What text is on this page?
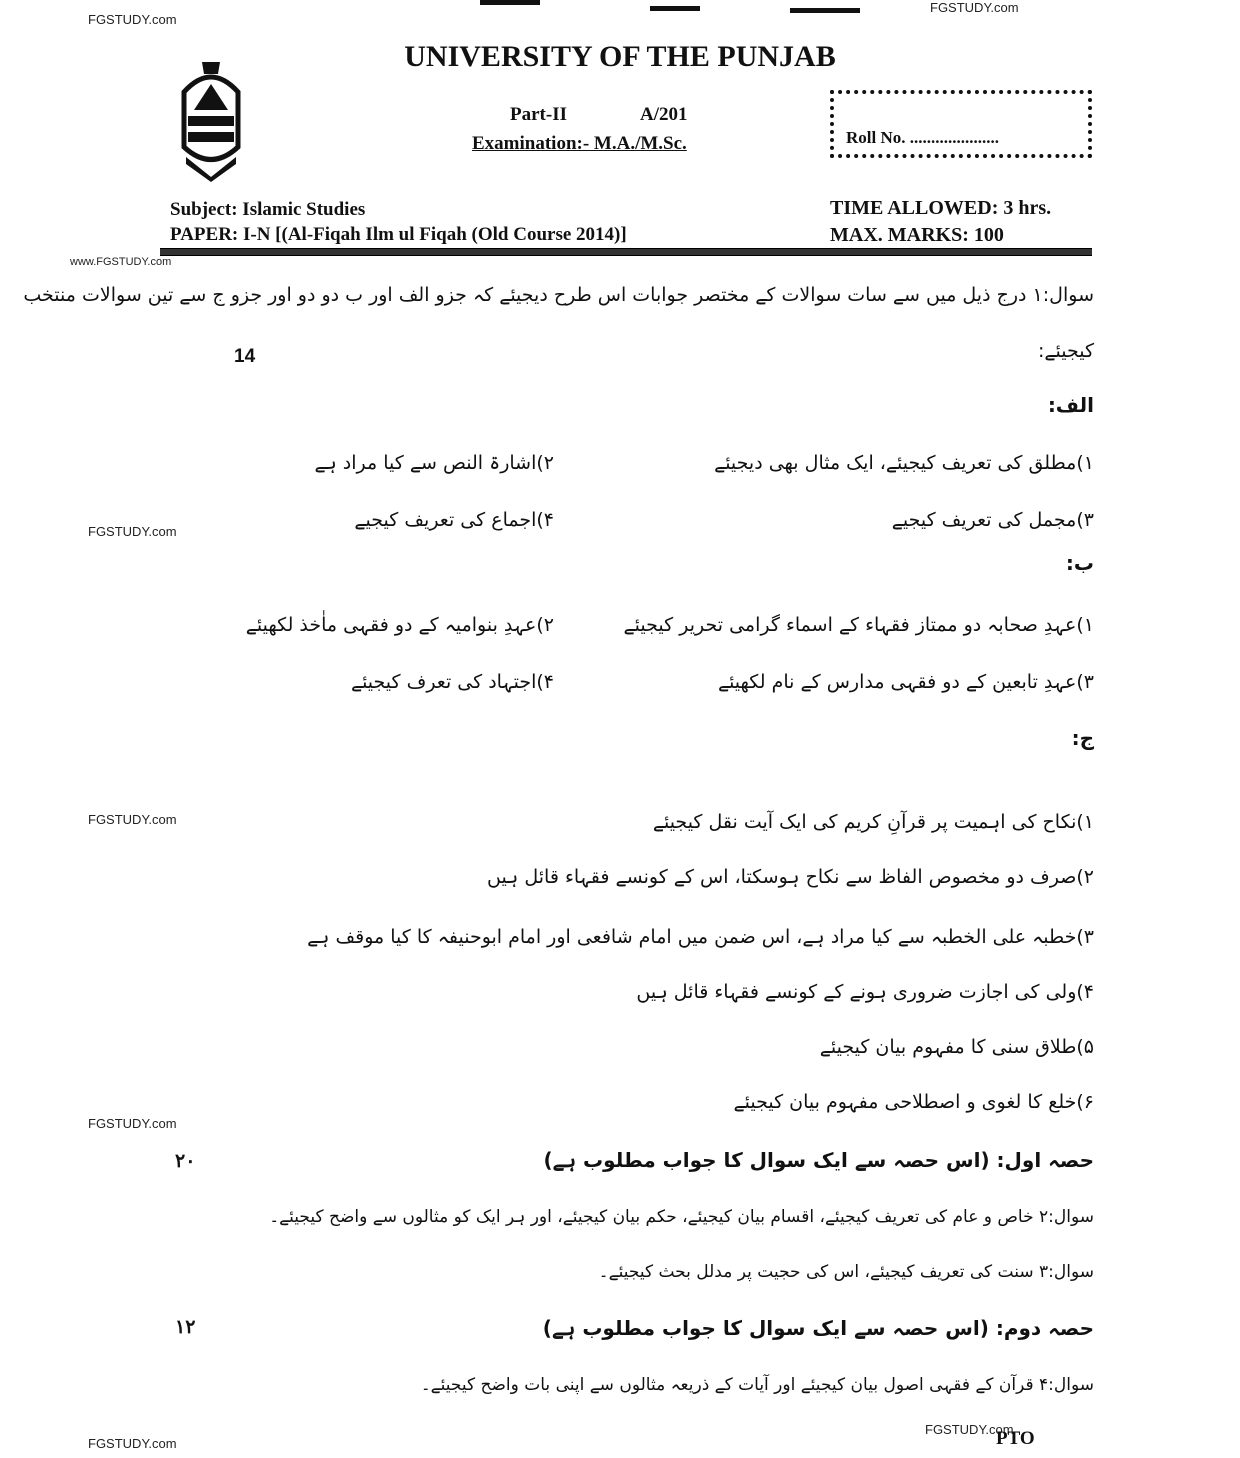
FGSTUDY.com
FGSTUDY.com
www.FGSTUDY.com
FGSTUDY.com
FGSTUDY.com
FGSTUDY.com
FGSTUDY.com
FGSTUDY.com
UNIVERSITY OF THE PUNJAB
Part-II	A/201
Examination:- M.A./M.Sc.	Roll No. .....................
Subject: Islamic Studies
PAPER: I-N [(Al-Fiqah Ilm ul Fiqah (Old Course 2014)]
TIME ALLOWED: 3 hrs.
MAX. MARKS: 100
سوال:۱ درج ذیل میں سے سات سوالات کے مختصر جوابات اس طرح دیجیئے کہ جزو الف اور ب دو دو اور جزو ج سے تین سوالات منتخب
کیجیئے:
14
الف:
۱)مطلق کی تعریف کیجیئے، ایک مثال بھی دیجیئے
۲)اشارۃ النص سے کیا مراد ہے
۳)مجمل کی تعریف کیجیے
۴)اجماع کی تعریف کیجیے
ب:
۱)عہدِ صحابہ دو ممتاز فقہاء کے اسماء گرامی تحریر کیجیئے
۲)عہدِ بنوامیہ کے دو فقہی ماٰخذ لکھیئے
۳)عہدِ تابعین کے دو فقہی مدارس کے نام لکھیئے
۴)اجتہاد کی تعرف کیجیئے
ج:
۱)نکاح کی اہمیت پر قرآنِ کریم کی ایک آیت نقل کیجیئے
۲)صرف دو مخصوص الفاظ سے نکاح ہوسکتا، اس کے کونسے فقہاء قائل ہیں
۳)خطبہ علی الخطبہ سے کیا مراد ہے، اس ضمن میں امام شافعی اور امام ابوحنیفہ کا کیا موقف ہے
۴)ولی کی اجازت ضروری ہونے کے کونسے فقہاء قائل ہیں
۵)طلاق سنی کا مفہوم بیان کیجیئے
۶)خلع کا لغوی و اصطلاحی مفہوم بیان کیجیئے
حصہ اول: (اس حصہ سے ایک سوال کا جواب مطلوب ہے)
۲۰
سوال:۲ خاص و عام کی تعریف کیجیئے، اقسام بیان کیجیئے، حکم بیان کیجیئے، اور ہر ایک کو مثالوں سے واضح کیجیئے۔
سوال:۳ سنت کی تعریف کیجیئے، اس کی حجیت پر مدلل بحث کیجیئے۔
حصہ دوم: (اس حصہ سے ایک سوال کا جواب مطلوب ہے)
۱۲
سوال:۴ قرآن کے فقہی اصول بیان کیجیئے اور آیات کے ذریعہ مثالوں سے اپنی بات واضح کیجیئے۔
PTO
